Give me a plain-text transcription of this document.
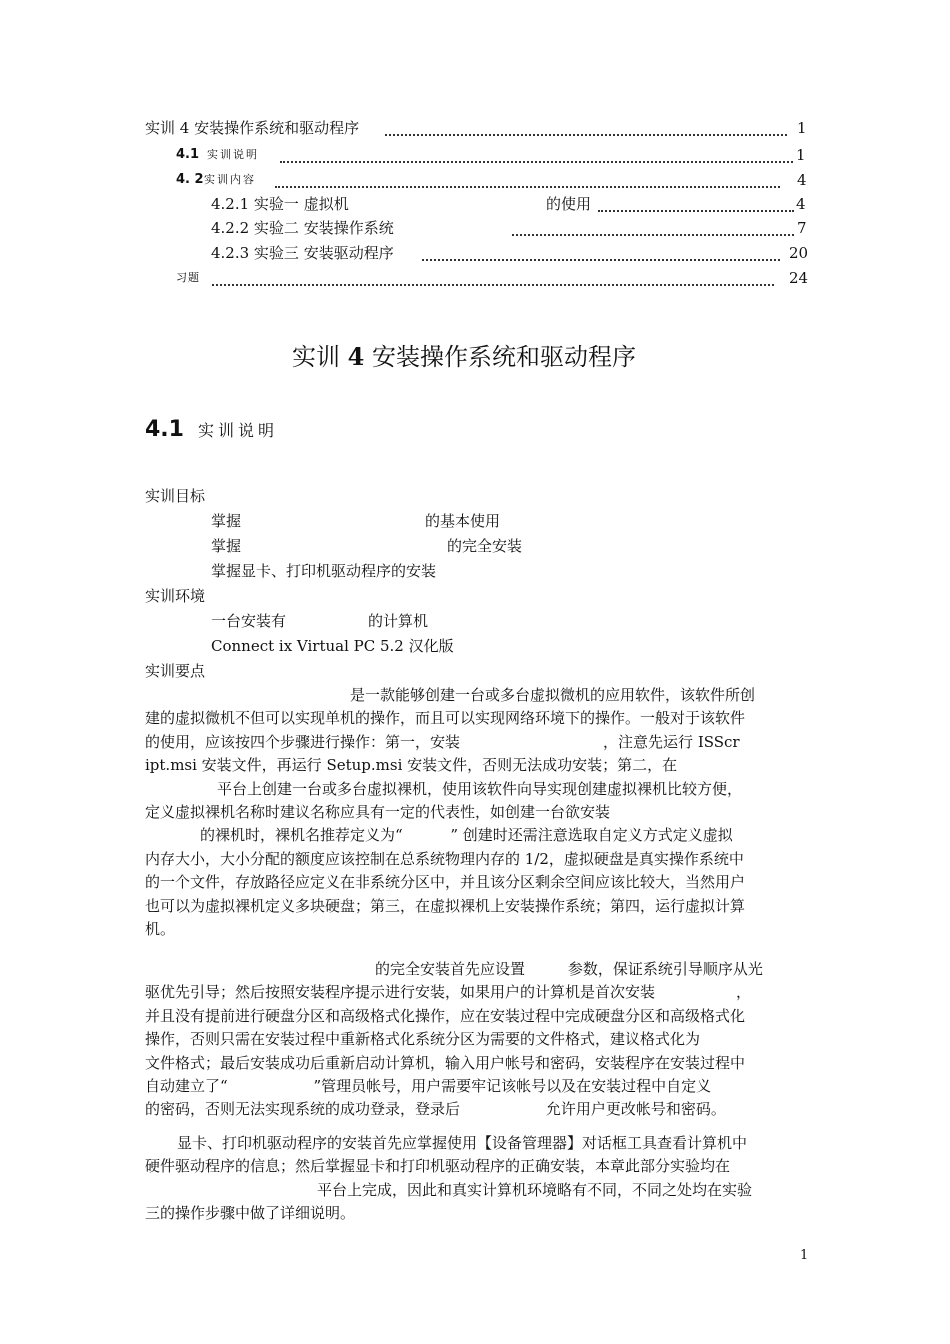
实训 4 安装操作系统和驱动程序	1
4.1 实训说明	1
4. 2 实训内容	4
4.2.1 实验一 虚拟机	的使用	4
4.2.2 实验二 安装操作系统	7
4.2.3 实验三 安装驱动程序	20
习题	24
实训 4 安装操作系统和驱动程序
4.1 实训说明
实训目标
掌握	的基本使用
掌握	的完全安装
掌握显卡、打印机驱动程序的安装
实训环境
一台安装有	的计算机
Connect ix Virtual PC 5.2 汉化版
实训要点
是一款能够创建一台或多台虚拟微机的应用软件，该软件所创
建的虚拟微机不但可以实现单机的操作，而且可以实现网络环境下的操作。一般对于该软件
的使用，应该按四个步骤进行操作：第一，安装                              ，注意先运行 ISScr
ipt.msi 安装文件，再运行 Setup.msi 安装文件，否则无法成功安装；第二，在
平台上创建一台或多台虚拟裸机，使用该软件向导实现创建虚拟裸机比较方便，
定义虚拟裸机名称时建议名称应具有一定的代表性，如创建一台欲安装
的裸机时，裸机名推荐定义为“          ” 创建时还需注意选取自定义方式定义虚拟
内存大小，大小分配的额度应该控制在总系统物理内存的 1/2，虚拟硬盘是真实操作系统中
的一个文件，存放路径应定义在非系统分区中，并且该分区剩余空间应该比较大，当然用户
也可以为虚拟裸机定义多块硬盘；第三，在虚拟裸机上安装操作系统；第四，运行虚拟计算
机。
的完全安装首先应设置         参数，保证系统引导顺序从光
驱优先引导；然后按照安装程序提示进行安装，如果用户的计算机是首次安装                 ，
并且没有提前进行硬盘分区和高级格式化操作，应在安装过程中完成硬盘分区和高级格式化
操作，否则只需在安装过程中重新格式化系统分区为需要的文件格式，建议格式化为
文件格式；最后安装成功后重新启动计算机，输入用户帐号和密码，安装程序在安装过程中
自动建立了“                  ”管理员帐号，用户需要牢记该帐号以及在安装过程中自定义
的密码，否则无法实现系统的成功登录，登录后                  允许用户更改帐号和密码。
显卡、打印机驱动程序的安装首先应掌握使用【设备管理器】对话框工具查看计算机中
硬件驱动程序的信息；然后掌握显卡和打印机驱动程序的正确安装，本章此部分实验均在
平台上完成，因此和真实计算机环境略有不同，不同之处均在实验
三的操作步骤中做了详细说明。
1
